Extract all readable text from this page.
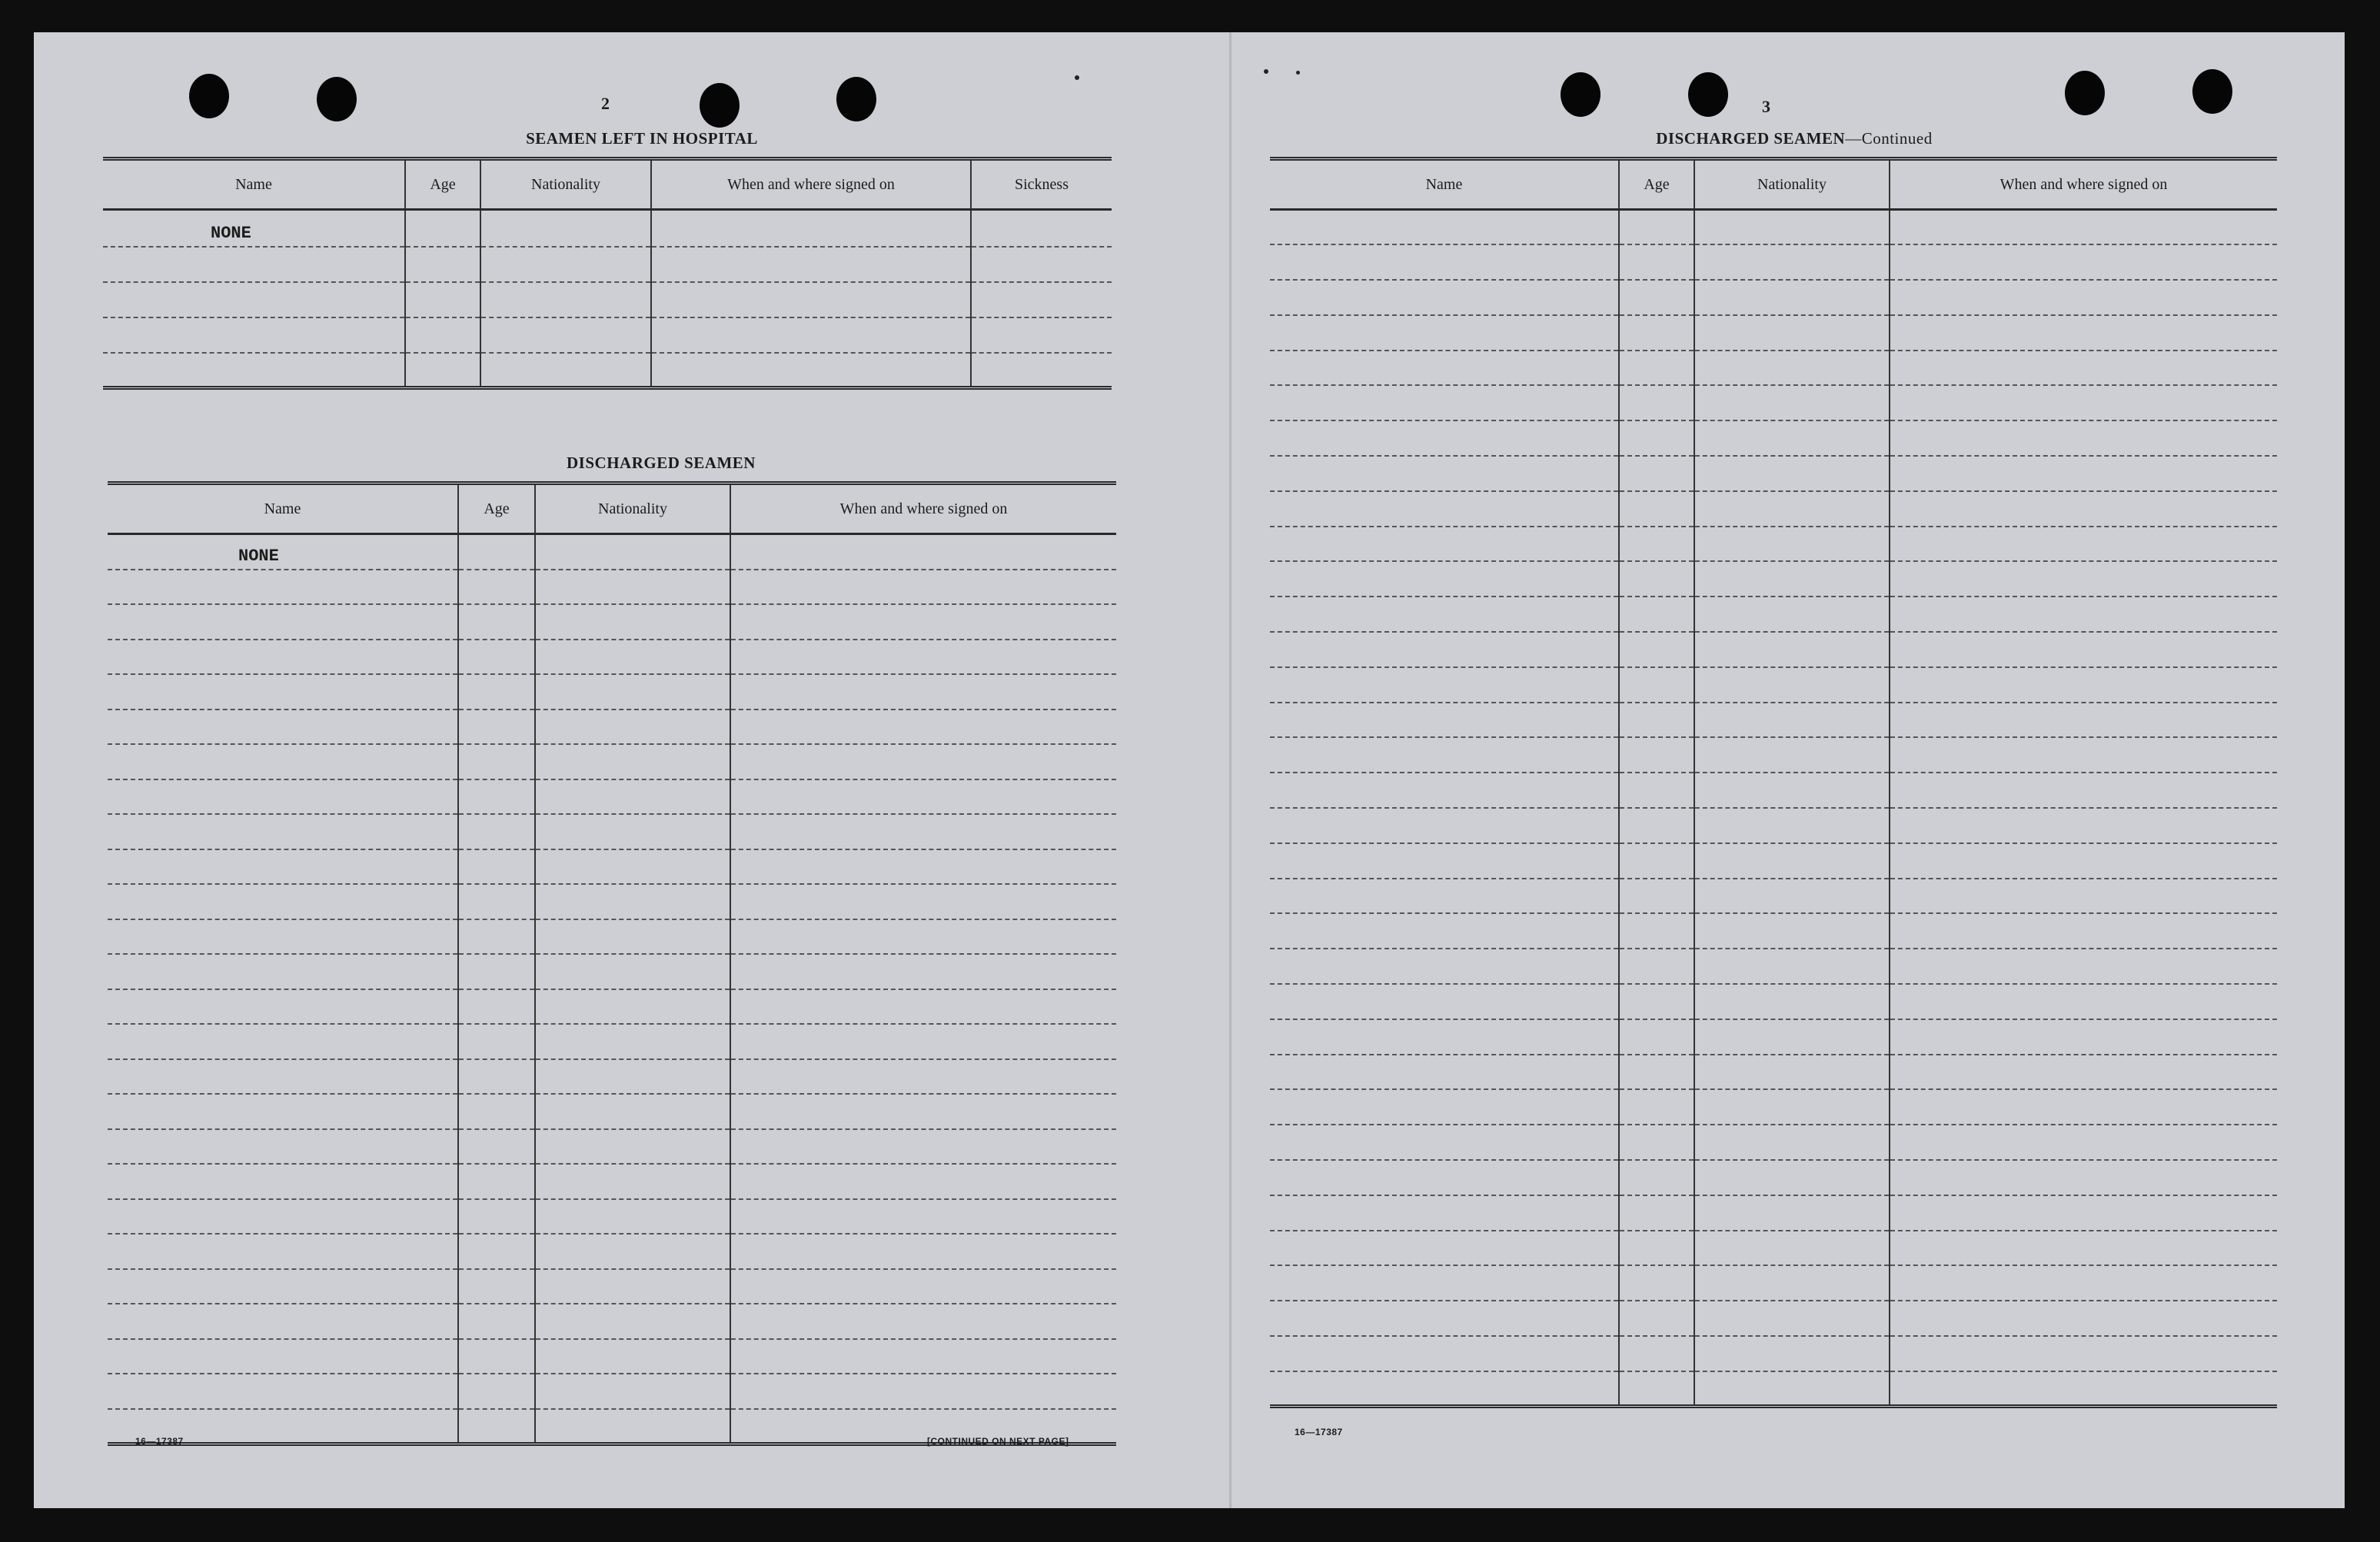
2
SEAMEN LEFT IN HOSPITAL
Name	Age	Nationality	When and where signed on	Sickness
NONE				

DISCHARGED SEAMEN
Name	Age	Nationality	When and where signed on
NONE			

16—17387	[CONTINUED ON NEXT PAGE]
3
DISCHARGED SEAMEN—Continued
Name	Age	Nationality	When and where signed on

16—17387
